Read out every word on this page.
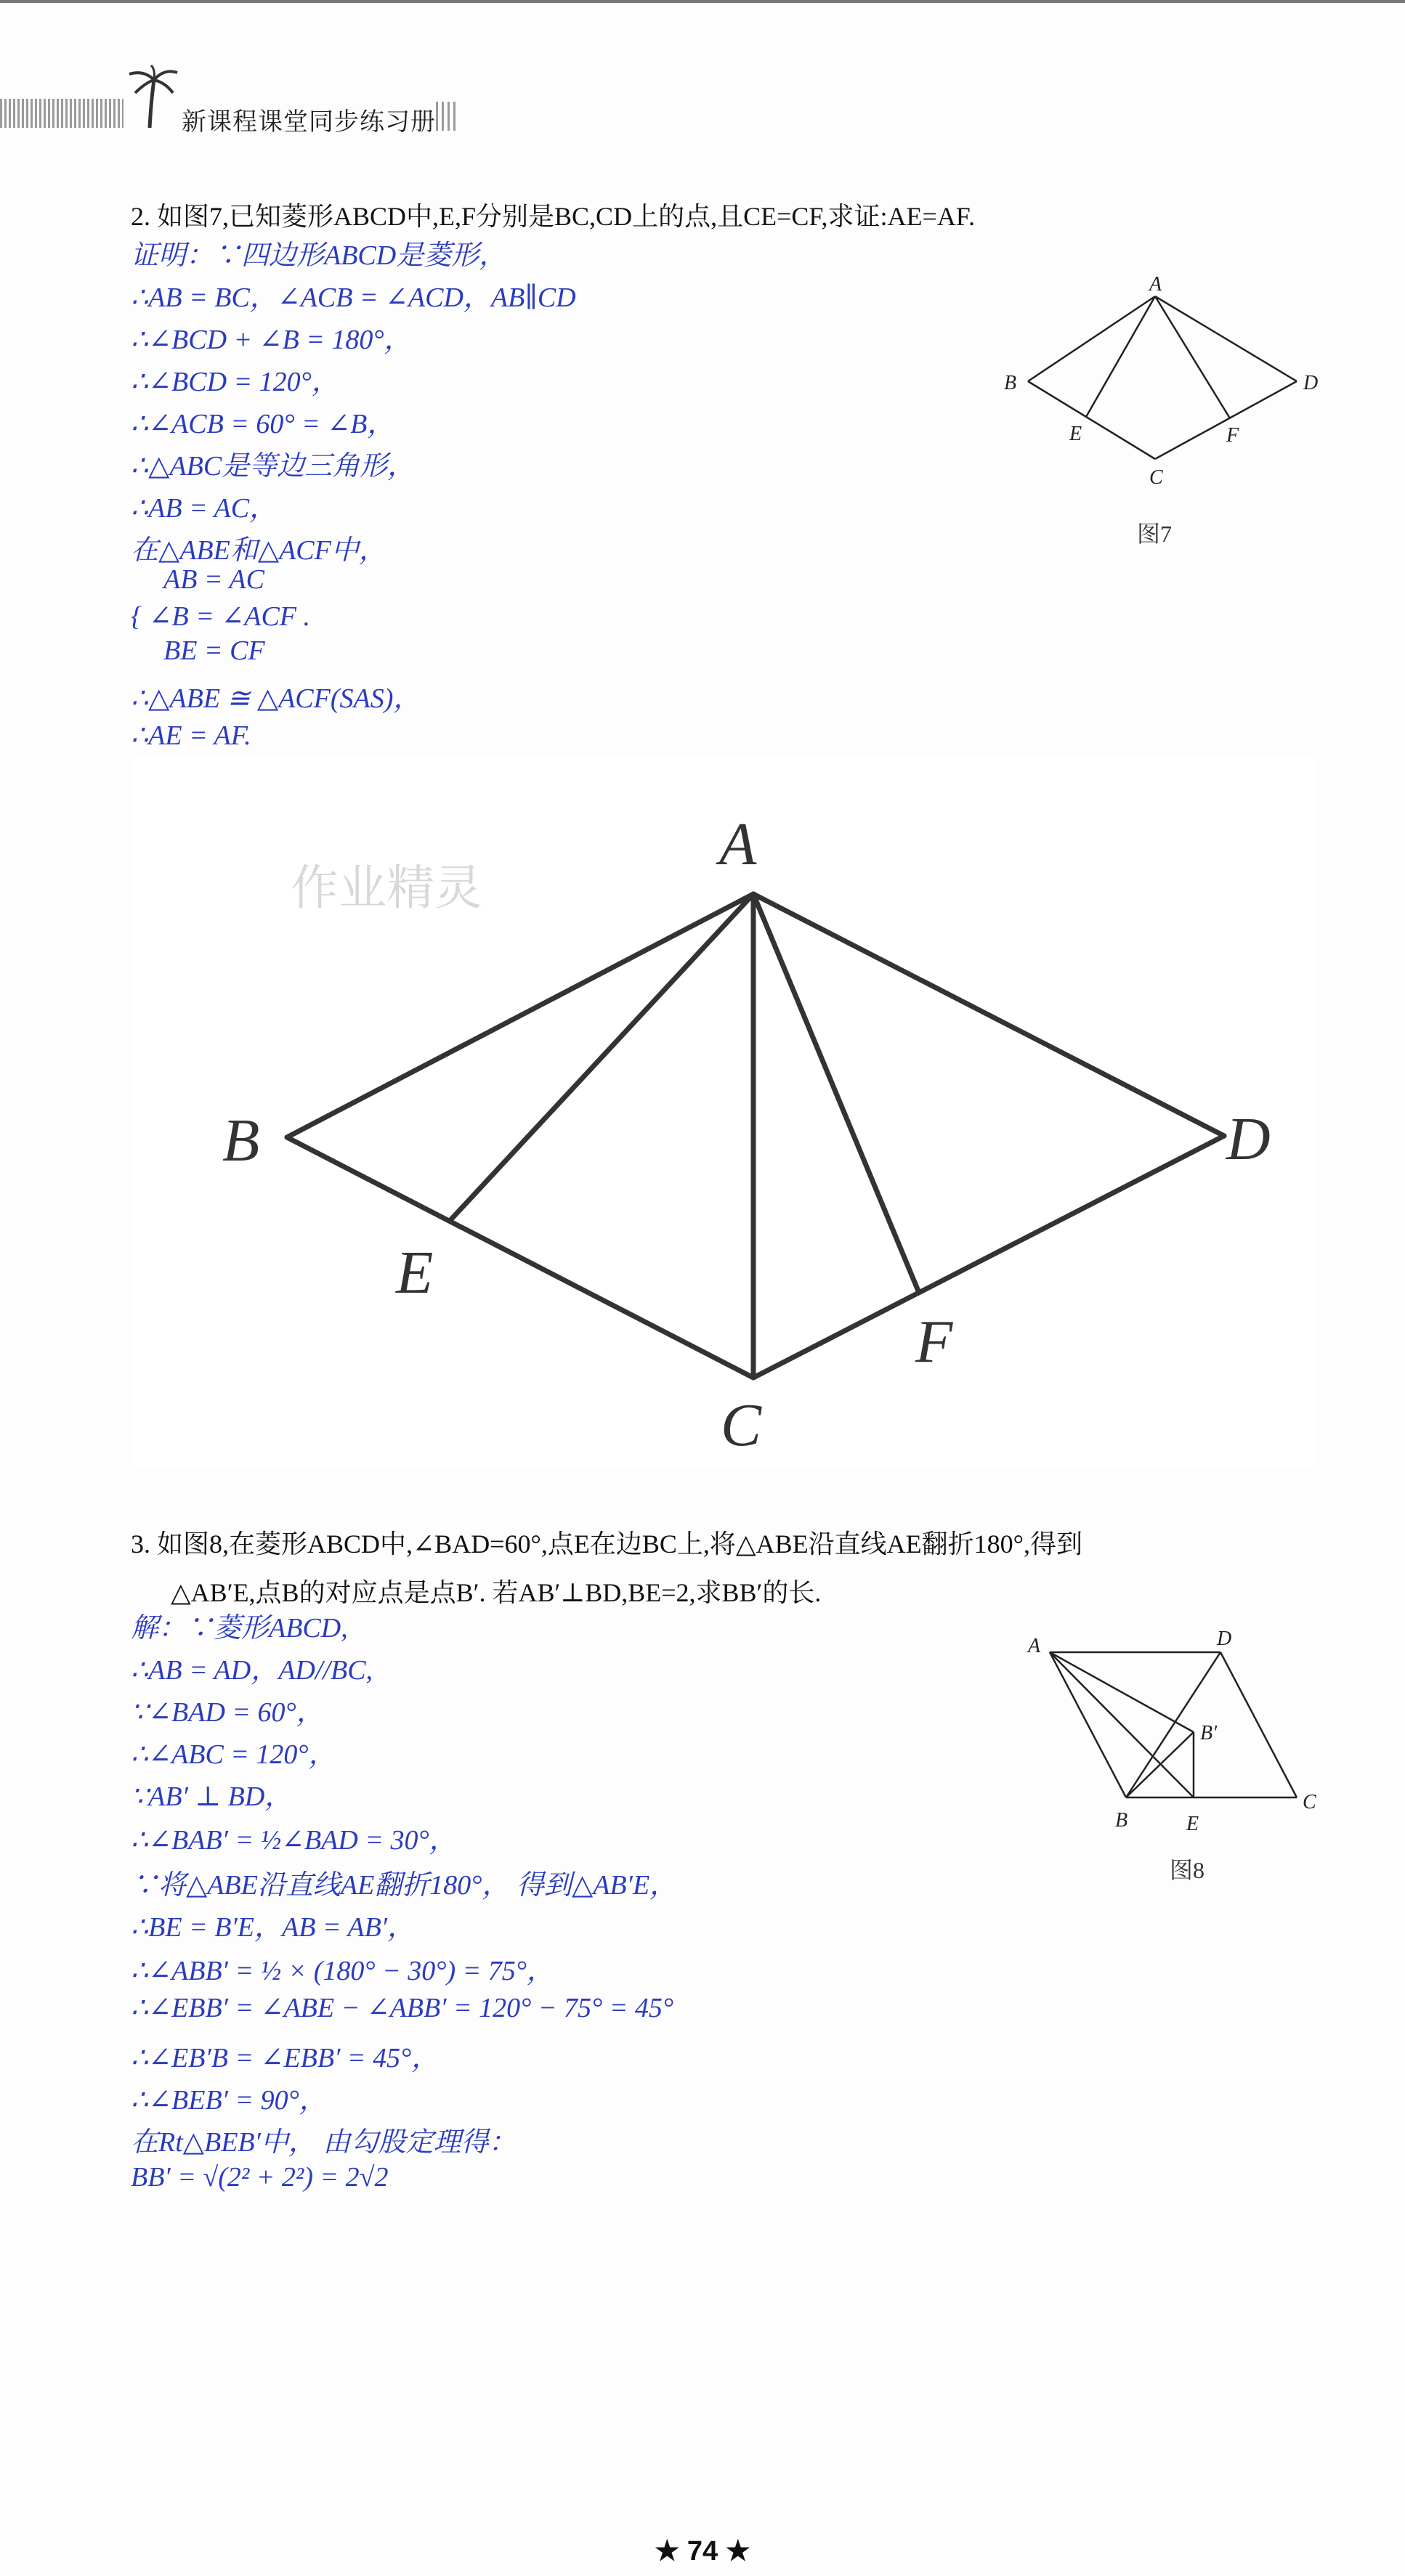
新课程课堂同步练习册
2. 如图7,已知菱形ABCD中,E,F分别是BC,CD上的点,且CE=CF,求证:AE=AF.
证明：∵四边形ABCD是菱形，
∴AB = BC，∠ACB = ∠ACD，AB∥CD
∴∠BCD + ∠B = 180°，
∴∠BCD = 120°，
∴∠ACB = 60° = ∠B，
∴△ABC是等边三角形，
∴AB = AC，
在△ABE和△ACF中，
AB = AC
{ ∠B = ∠ACF .
BE = CF
∴△ABE ≅ △ACF(SAS)，
∴AE = AF.
A
B
C
D
E	F
图7
作业精灵
A
B
C
D
E
F
3. 如图8,在菱形ABCD中,∠BAD=60°,点E在边BC上,将△ABE沿直线AE翻折180°,得到
△AB′E,点B的对应点是点B′. 若AB′⊥BD,BE=2,求BB′的长.
解：∵菱形ABCD,
∴AB = AD，AD//BC,
∵∠BAD = 60°，
∴∠ABC = 120°，
∵AB′ ⊥ BD，
∴∠BAB′ = ½∠BAD = 30°，
∵将△ABE沿直线AE翻折180°， 得到△AB′E，
∴BE = B′E，AB = AB′，
∴∠ABB′ = ½ × (180° − 30°) = 75°，
∴∠EBB′ = ∠ABE − ∠ABB′ = 120° − 75° = 45°
∴∠EB′B = ∠EBB′ = 45°，
∴∠BEB′ = 90°，
在Rt△BEB′中， 由勾股定理得：
BB′ = √(2² + 2²) = 2√2
A
B
C
D
E
B′
图8
★ 74 ★
